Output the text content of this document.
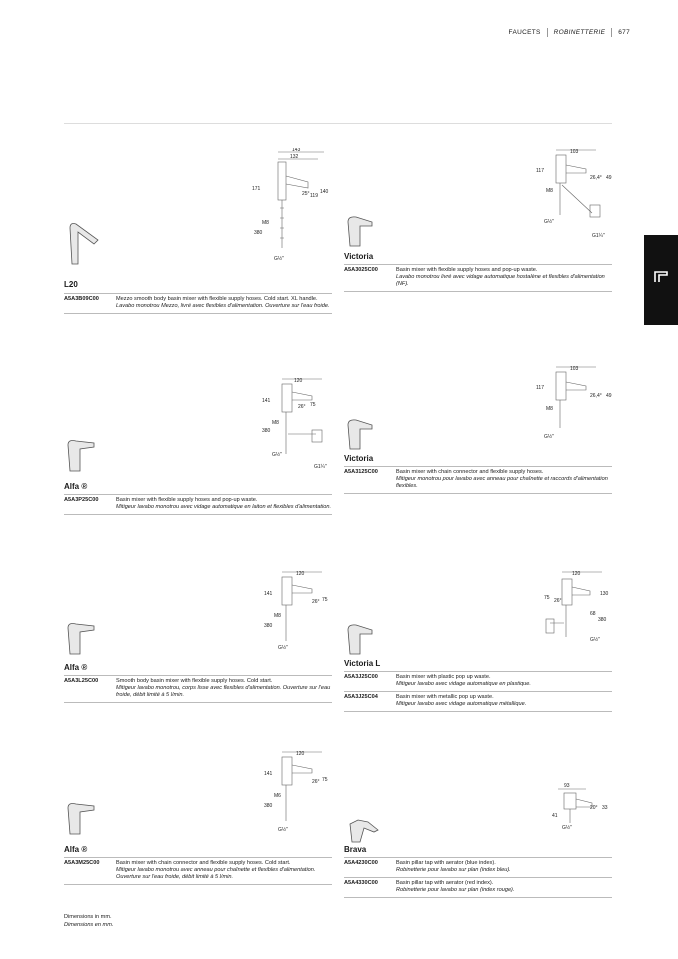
FAUCETS ROBINETTERIE 677
143
132
25° 119
140
171
M8
380
G½"
L20
A5A3B09C00	Mezzo smooth body basin mixer with flexible supply hoses. Cold start. XL handle.
Lavabo monotrou Mezzo, livré avec flexibles d'alimentation. Ouverture sur l'eau froide.
103
117
26,4° 49
M8
G½"
G1¼"
Victoria
A5A3025C00	Basin mixer with flexible supply hoses and pop-up waste.
Lavabo monotrou livré avec vidage automatique hostalène et flexibles d'alimentation (NF).
120
141
26° 75
M8
380
G½"
G1¼"
Alfa ®
A5A3P25C00	Basin mixer with flexible supply hoses and pop-up waste.
Mitigeur lavabo monotrou avec vidage automatique en laiton et flexibles d'alimentation.
103
117
26,4° 49
M8
G½"
Victoria
A5A3125C00	Basin mixer with chain connector and flexible supply hoses.
Mitigeur monotrou pour lavabo avec anneau pour chaînette et raccords d'alimentation flexibles.
120
141
26° 75
M8
380
G½"
Alfa ®
A5A3L25C00	Smooth body basin mixer with flexible supply hoses. Cold start.
Mitigeur lavabo monotrou, corps lisse avec flexibles d'alimentation. Ouverture sur l'eau froide, débit limité à 5 l/min.
120
130
75 26°
68
380
G½"
Victoria L
A5A3J25C00	Basin mixer with plastic pop up waste.
Mitigeur lavabo avec vidage automatique en plastique.
A5A3J25C04	Basin mixer with metallic pop up waste.
Mitigeur lavabo avec vidage automatique métallique.
120
141
26° 75
M6
380
G½"
Alfa ®
A5A3M25C00	Basin mixer with chain connector and flexible supply hoses. Cold start.
Mitigeur lavabo monotrou avec anneau pour chaînette et flexibles d'alimentation. Ouverture sur l'eau froide, débit limité à 5 l/min.
93
20° 33
41
G½"
Brava
A5A4230C00	Basin pillar tap with aerator (blue index).
Robinetterie pour lavabo sur plan (index bleu).
A5A4330C00	Basin pillar tap with aerator (red index).
Robinetterie pour lavabo sur plan (index rouge).
Dimensions in mm.
Dimensions en mm.
